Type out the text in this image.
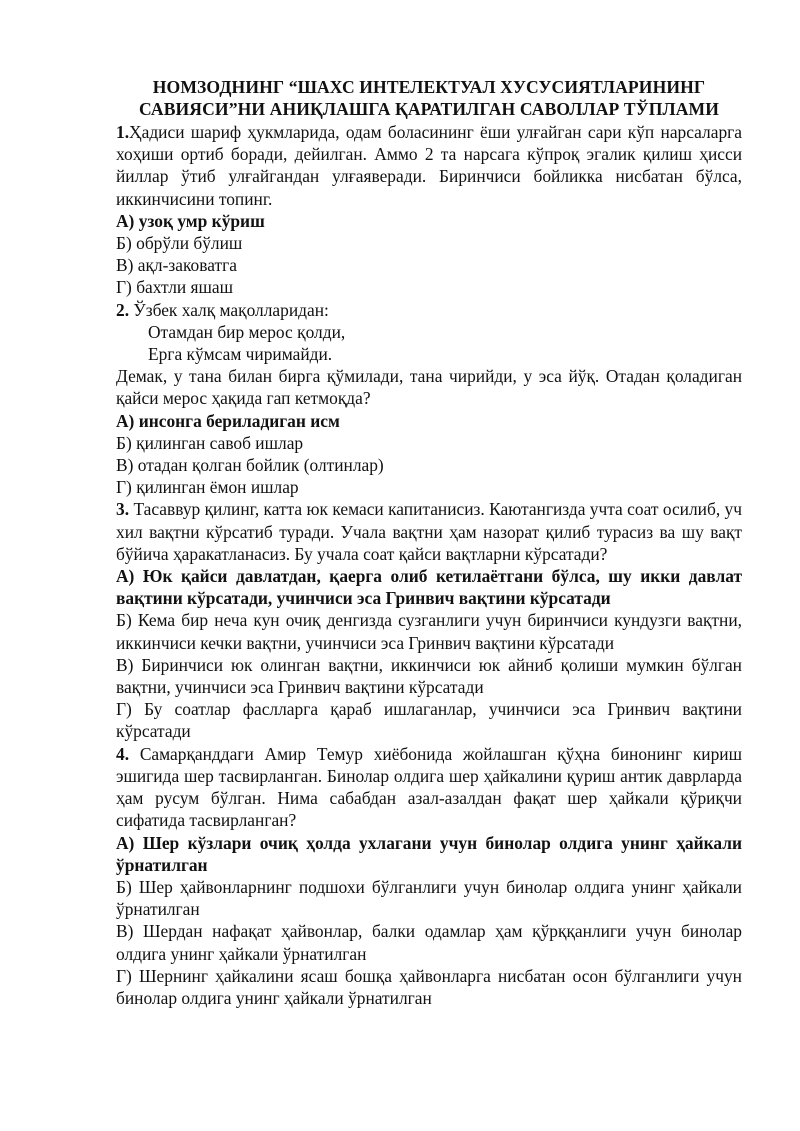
НОМЗОДНИНГ “ШАХС ИНТЕЛЕКТУАЛ ХУСУСИЯТЛАРИНИНГ
САВИЯСИ”НИ АНИҚЛАШГА ҚАРАТИЛГАН САВОЛЛАР ТЎПЛАМИ

1.Ҳадиси шариф ҳукмларида, одам боласининг ёши улғайган сари кўп нарсаларга хоҳиши ортиб боради, дейилган. Аммо 2 та нарсага кўпроқ эгалик қилиш ҳисси йиллар ўтиб улғайгандан улғаяверади. Биринчиси бойликка нисбатан бўлса, иккинчисини топинг.

А) узоқ умр кўриш

Б) обрўли бўлиш

В) ақл-заковатга

Г) бахтли яшаш

2. Ўзбек халқ мақолларидан:

Отамдан бир мерос қолди,

Ерга кўмсам чиримайди.

Демак, у тана билан бирга қўмилади, тана чирийди, у эса йўқ. Отадан қоладиган қайси мерос ҳақида гап кетмоқда?

А) инсонга бериладиган исм

Б) қилинган савоб ишлар

В) отадан қолган бойлик (олтинлар)

Г) қилинган ёмон ишлар

3. Тасаввур қилинг, катта юк кемаси капитанисиз. Каютангизда учта соат осилиб, уч хил вақтни кўрсатиб туради. Учала вақтни ҳам назорат қилиб турасиз ва шу вақт бўйича ҳаракатланасиз. Бу учала соат қайси вақтларни кўрсатади?

А) Юк қайси давлатдан, қаерга олиб кетилаётгани бўлса, шу икки давлат вақтини кўрсатади, учинчиси эса Гринвич вақтини кўрсатади

Б) Кема бир неча кун очиқ денгизда сузганлиги учун биринчиси кундузги вақтни, иккинчиси кечки вақтни, учинчиси эса Гринвич вақтини кўрсатади

В) Биринчиси юк олинган вақтни, иккинчиси юк айниб қолиши мумкин бўлган вақтни, учинчиси эса Гринвич вақтини кўрсатади

Г) Бу соатлар фаслларга қараб ишлаганлар, учинчиси эса Гринвич вақтини кўрсатади

4. Самарқанддаги Амир Темур хиёбонида жойлашган қўҳна бинонинг кириш эшигида шер тасвирланган. Бинолар олдига шер ҳайкалини қуриш антик даврларда ҳам русум бўлган. Нима сабабдан азал-азалдан фақат шер ҳайкали қўриқчи сифатида тасвирланган?

А) Шер кўзлари очиқ ҳолда ухлагани учун бинолар олдига унинг ҳайкали ўрнатилган

Б) Шер ҳайвонларнинг подшохи бўлганлиги учун бинолар олдига унинг ҳайкали ўрнатилган

В) Шердан нафақат ҳайвонлар, балки одамлар ҳам қўрққанлиги учун бинолар олдига унинг ҳайкали ўрнатилган

Г) Шернинг ҳайкалини ясаш бошқа ҳайвонларга нисбатан осон бўлганлиги учун бинолар олдига унинг ҳайкали ўрнатилган
